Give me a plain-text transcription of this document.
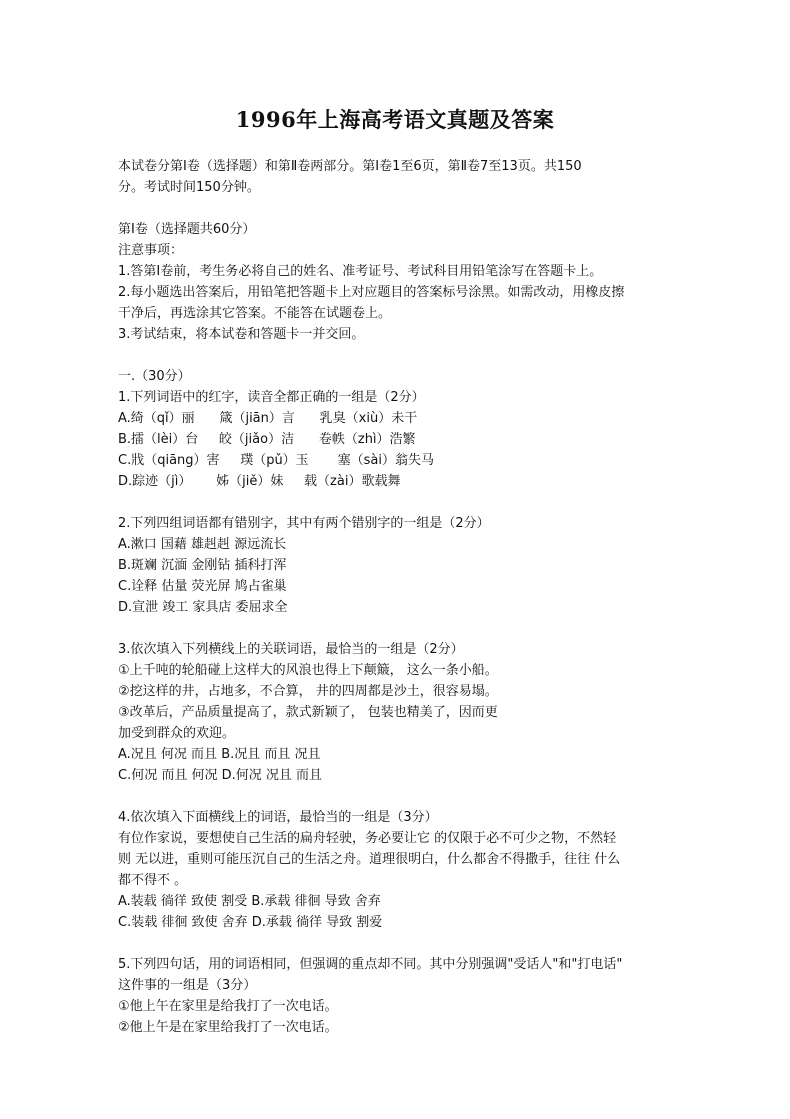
1996年上海高考语文真题及答案
本试卷分第Ⅰ卷（选择题）和第Ⅱ卷两部分。第Ⅰ卷1至6页，第Ⅱ卷7至13页。共150
分。考试时间150分钟。
第Ⅰ卷（选择题共60分）
注意事项：
1.答第Ⅰ卷前，考生务必将自己的姓名、准考证号、考试科目用铅笔涂写在答题卡上。
2.每小题选出答案后，用铅笔把答题卡上对应题目的答案标号涂黑。如需改动，用橡皮擦
干净后，再选涂其它答案。不能答在试题卷上。
3.考试结束，将本试卷和答题卡一并交回。
一.（30分）
1.下列词语中的红字，读音全都正确的一组是（2分）
A.绮（qǐ）丽      箴（jiān）言      乳臭（xiù）未干
B.擂（lèi）台     皎（jiǎo）洁      卷帙（zhì）浩繁
C.戕（qiāng）害     璞（pǔ）玉       塞（sài）翁失马
D.踪迹（jì）      姊（jiě）妹     载（zài）歌载舞
2.下列四组词语都有错别字，其中有两个错别字的一组是（2分）
A.漱口 国藉 雄赳赳 源远流长
B.斑斓 沉湎 金刚钻 插科打浑
C.诠释 估量 荧光屏 鸠占雀巢
D.宣泄 竣工 家具店 委屈求全
3.依次填入下列横线上的关联词语，最恰当的一组是（2分）
①上千吨的轮船碰上这样大的风浪也得上下颠簸， 这么一条小船。
②挖这样的井，占地多，不合算， 井的四周都是沙土，很容易塌。
③改革后，产品质量提高了，款式新颖了， 包装也精美了，因而更
加受到群众的欢迎。
A.况且 何况 而且 B.况且 而且 况且
C.何况 而且 何况 D.何况 况且 而且
4.依次填入下面横线上的词语，最恰当的一组是（3分）
有位作家说，要想使自己生活的扁舟轻驶，务必要让它 的仅限于必不可少之物，不然轻
则 无以进，重则可能压沉自己的生活之舟。道理很明白，什么都舍不得撒手，往往 什么
都不得不 。
A.装载 徜徉 致使 割受 B.承载 徘徊 导致 舍弃
C.装载 徘徊 致使 舍弃 D.承载 徜徉 导致 割爱
5.下列四句话，用的词语相同，但强调的重点却不同。其中分别强调"受话人"和"打电话"
这件事的一组是（3分）
①他上午在家里是给我打了一次电话。
②他上午是在家里给我打了一次电话。
